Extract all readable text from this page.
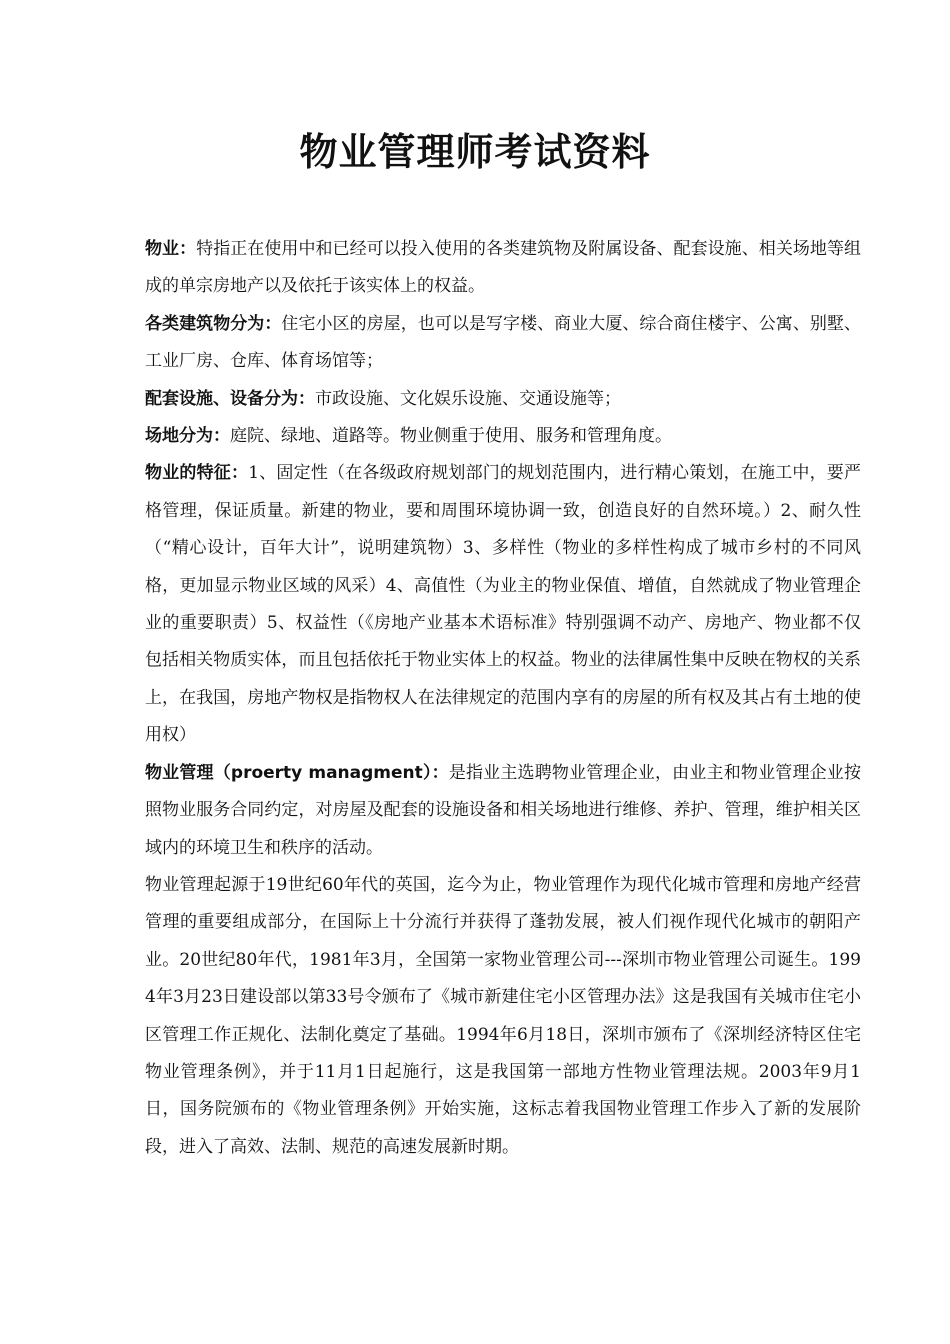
物业管理师考试资料

物业：特指正在使用中和已经可以投入使用的各类建筑物及附属设备、配套设施、相关场地等组成的单宗房地产以及依托于该实体上的权益。

各类建筑物分为：住宅小区的房屋，也可以是写字楼、商业大厦、综合商住楼宇、公寓、别墅、工业厂房、仓库、体育场馆等；

配套设施、设备分为：市政设施、文化娱乐设施、交通设施等；

场地分为：庭院、绿地、道路等。物业侧重于使用、服务和管理角度。

物业的特征：1、固定性（在各级政府规划部门的规划范围内，进行精心策划，在施工中，要严格管理，保证质量。新建的物业，要和周围环境协调一致，创造良好的自然环境。）2、耐久性（“精心设计，百年大计”，说明建筑物）3、多样性（物业的多样性构成了城市乡村的不同风格，更加显示物业区域的风采）4、高值性（为业主的物业保值、增值，自然就成了物业管理企业的重要职责）5、权益性（《房地产业基本术语标准》特别强调不动产、房地产、物业都不仅包括相关物质实体，而且包括依托于物业实体上的权益。物业的法律属性集中反映在物权的关系上，在我国，房地产物权是指物权人在法律规定的范围内享有的房屋的所有权及其占有土地的使用权）

物业管理（proerty managment）：是指业主选聘物业管理企业，由业主和物业管理企业按照物业服务合同约定，对房屋及配套的设施设备和相关场地进行维修、养护、管理，维护相关区域内的环境卫生和秩序的活动。

物业管理起源于19世纪60年代的英国，迄今为止，物业管理作为现代化城市管理和房地产经营管理的重要组成部分，在国际上十分流行并获得了蓬勃发展，被人们视作现代化城市的朝阳产业。20世纪80年代，1981年3月，全国第一家物业管理公司---深圳市物业管理公司诞生。1994年3月23日建设部以第33号令颁布了《城市新建住宅小区管理办法》这是我国有关城市住宅小区管理工作正规化、法制化奠定了基础。1994年6月18日，深圳市颁布了《深圳经济特区住宅物业管理条例》，并于11月1日起施行，这是我国第一部地方性物业管理法规。2003年9月1日，国务院颁布的《物业管理条例》开始实施，这标志着我国物业管理工作步入了新的发展阶段，进入了高效、法制、规范的高速发展新时期。
